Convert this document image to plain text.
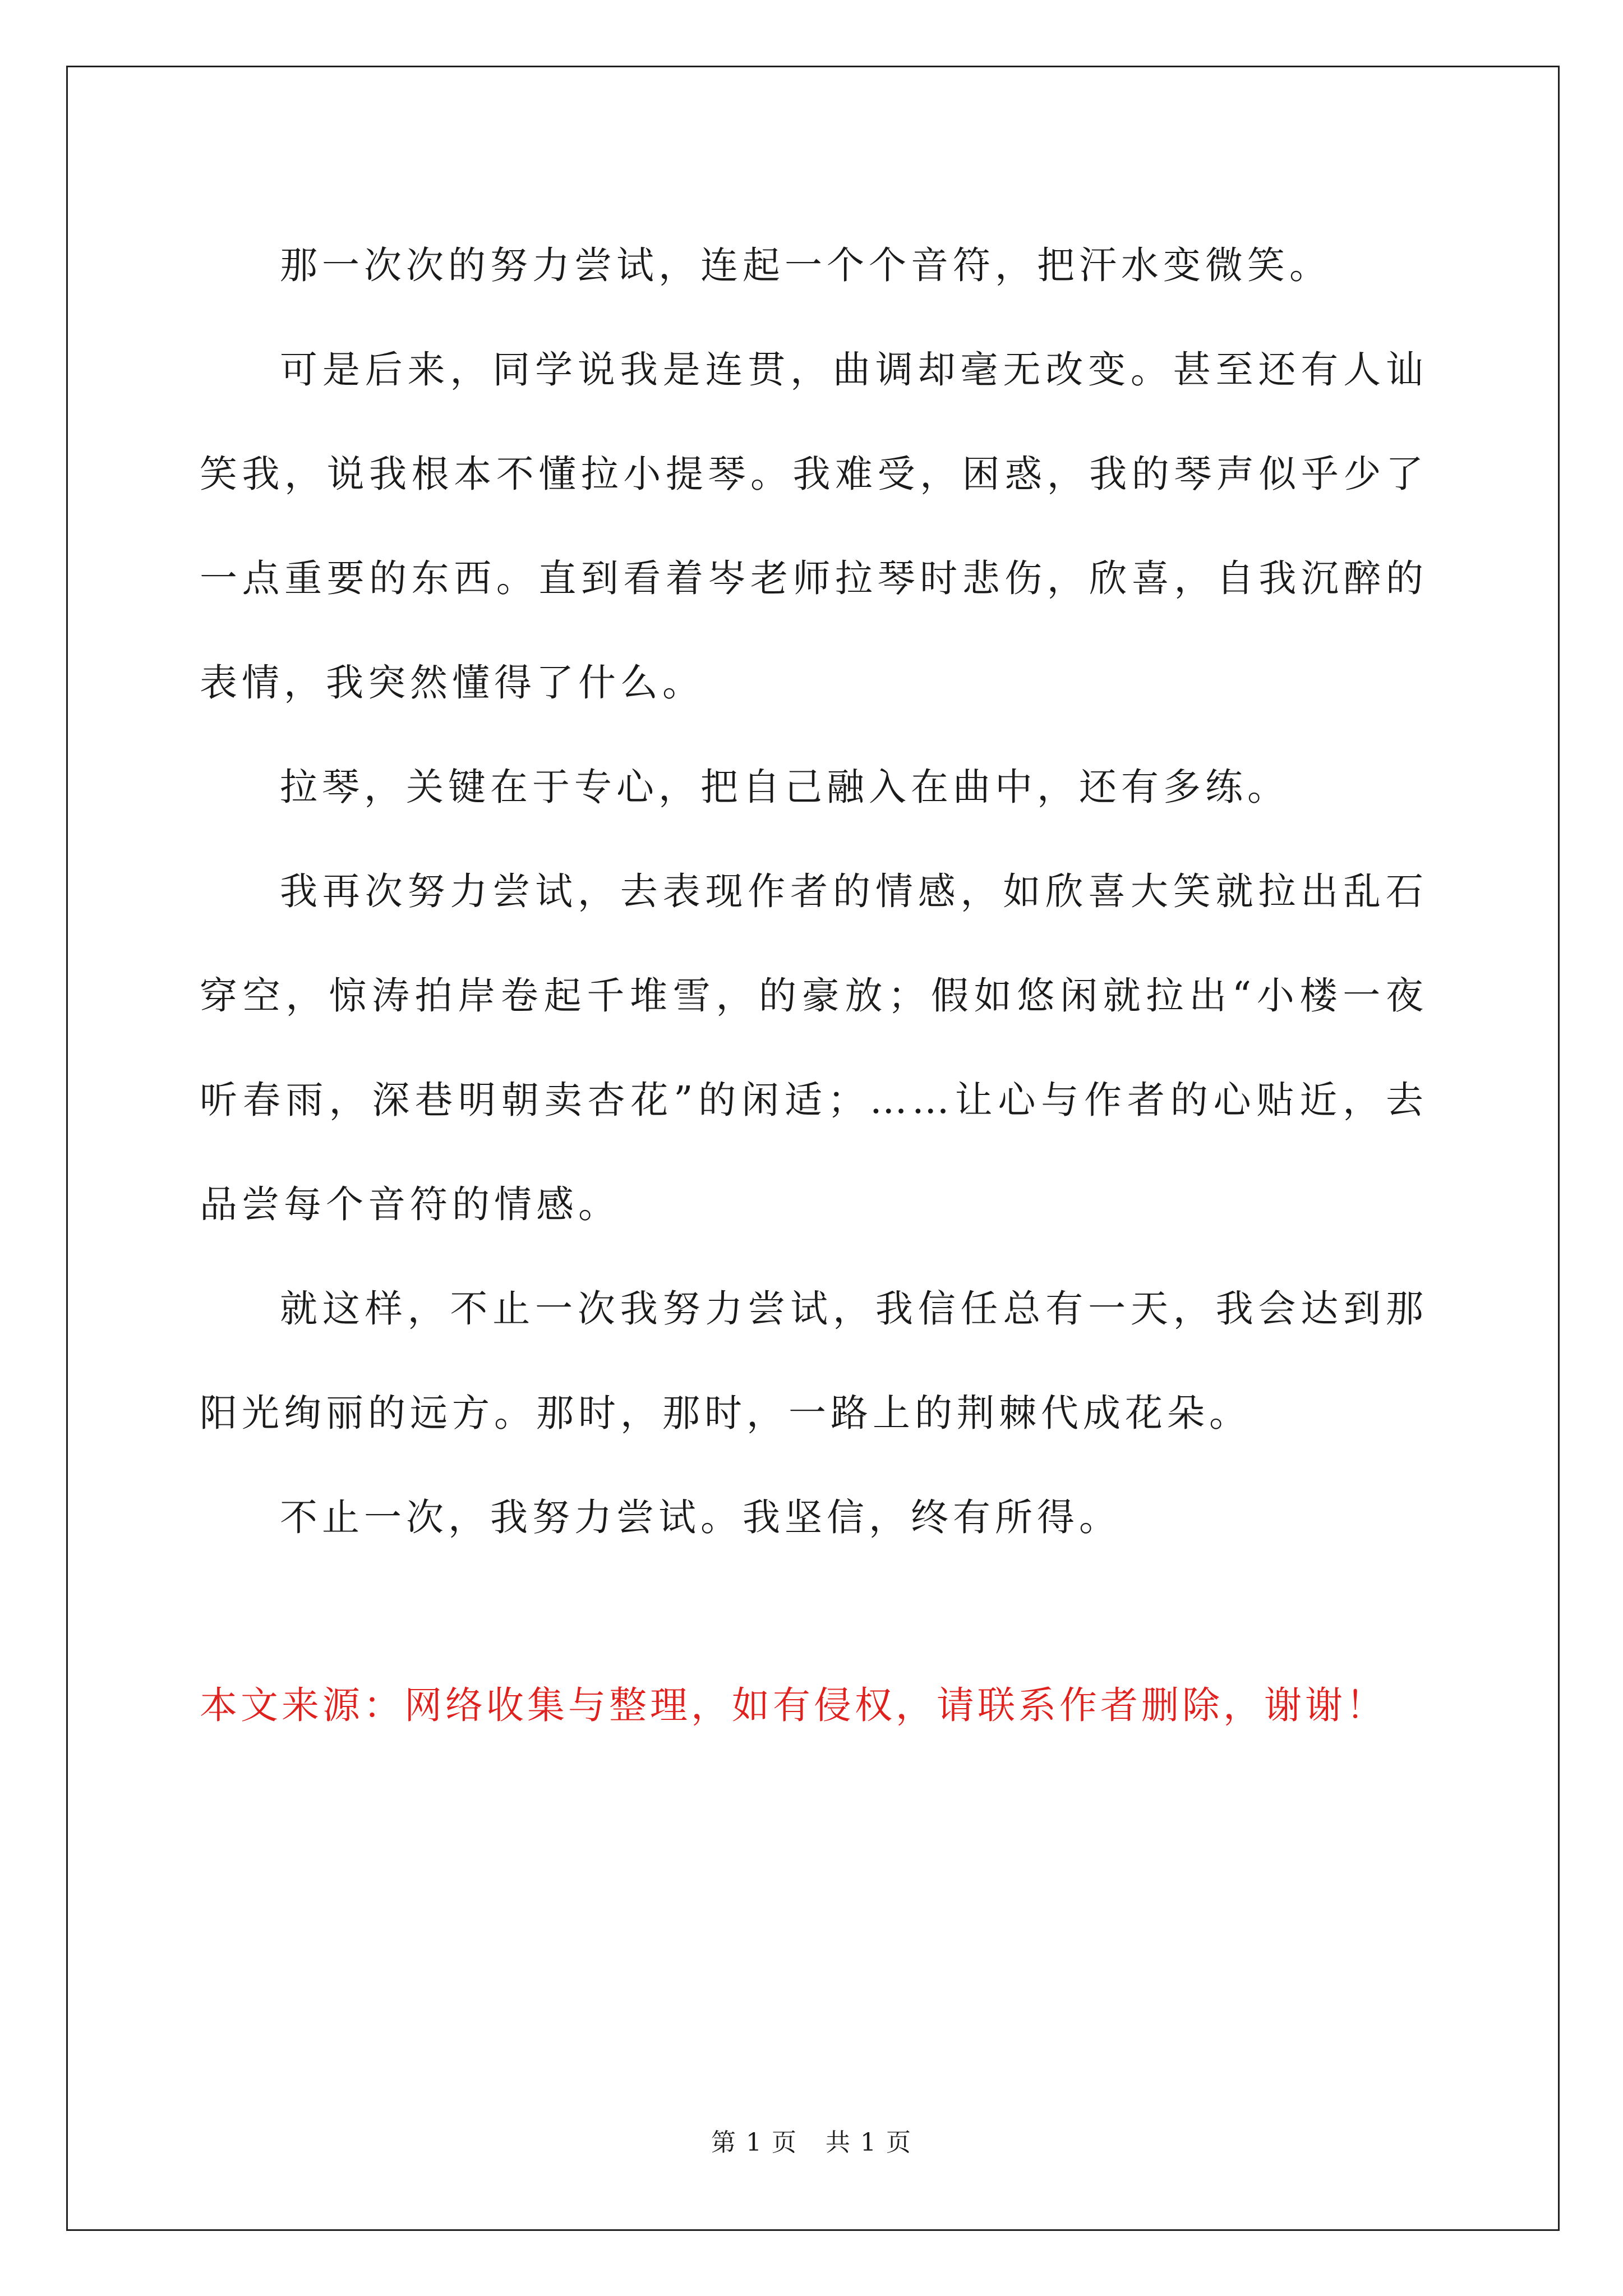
那一次次的努力尝试，连起一个个音符，把汗水变微笑。

可是后来，同学说我是连贯，曲调却毫无改变。甚至还有人讪笑我，说我根本不懂拉小提琴。我难受，困惑，我的琴声似乎少了一点重要的东西。直到看着岑老师拉琴时悲伤，欣喜，自我沉醉的表情，我突然懂得了什么。

拉琴，关键在于专心，把自己融入在曲中，还有多练。

我再次努力尝试，去表现作者的情感，如欣喜大笑就拉出乱石穿空，惊涛拍岸卷起千堆雪，的豪放；假如悠闲就拉出“小楼一夜听春雨，深巷明朝卖杏花”的闲适；……让心与作者的心贴近，去品尝每个音符的情感。

就这样，不止一次我努力尝试，我信任总有一天，我会达到那阳光绚丽的远方。那时，那时，一路上的荆棘代成花朵。

不止一次，我努力尝试。我坚信，终有所得。

本文来源：网络收集与整理，如有侵权，请联系作者删除，谢谢！

第 1 页 共 1 页
